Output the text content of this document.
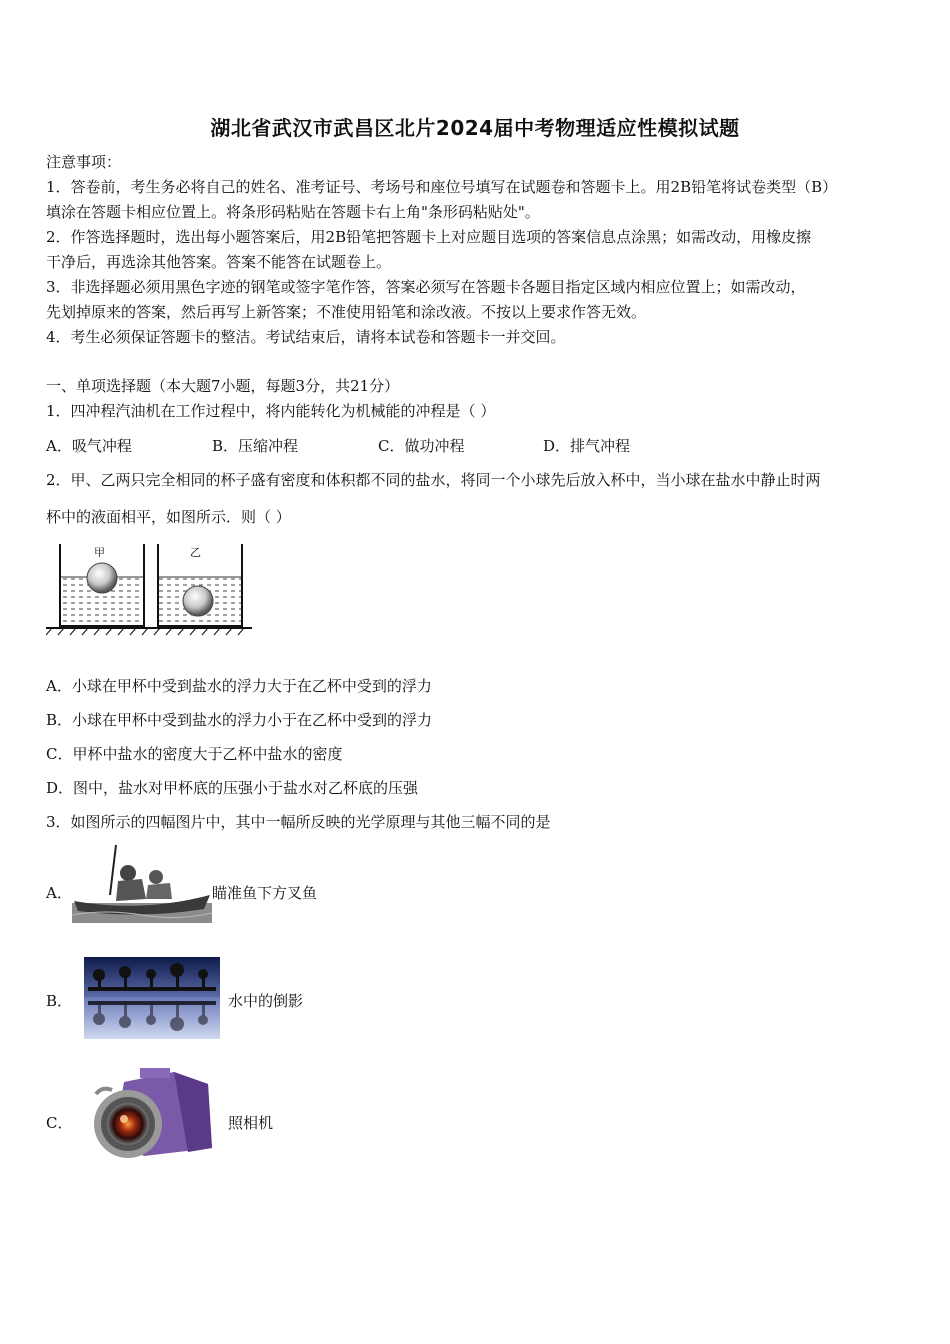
湖北省武汉市武昌区北片2024届中考物理适应性模拟试题
注意事项：
1．答卷前，考生务必将自己的姓名、准考证号、考场号和座位号填写在试题卷和答题卡上。用2B铅笔将试卷类型（B）
填涂在答题卡相应位置上。将条形码粘贴在答题卡右上角"条形码粘贴处"。
2．作答选择题时，选出每小题答案后，用2B铅笔把答题卡上对应题目选项的答案信息点涂黑；如需改动，用橡皮擦
干净后，再选涂其他答案。答案不能答在试题卷上。
3．非选择题必须用黑色字迹的钢笔或签字笔作答，答案必须写在答题卡各题目指定区域内相应位置上；如需改动，
先划掉原来的答案，然后再写上新答案；不准使用铅笔和涂改液。不按以上要求作答无效。
4．考生必须保证答题卡的整洁。考试结束后，请将本试卷和答题卡一并交回。
一、单项选择题（本大题7小题，每题3分，共21分）
1．四冲程汽油机在工作过程中，将内能转化为机械能的冲程是（ ）
A．吸气冲程	B．压缩冲程	C．做功冲程	D．排气冲程
2．甲、乙两只完全相同的杯子盛有密度和体积都不同的盐水，将同一个小球先后放入杯中，当小球在盐水中静止时两
杯中的液面相平，如图所示．则（ ）
甲	乙
A．小球在甲杯中受到盐水的浮力大于在乙杯中受到的浮力
B．小球在甲杯中受到盐水的浮力小于在乙杯中受到的浮力
C．甲杯中盐水的密度大于乙杯中盐水的密度
D．图中，盐水对甲杯底的压强小于盐水对乙杯底的压强
3．如图所示的四幅图片中，其中一幅所反映的光学原理与其他三幅不同的是
A．	瞄准鱼下方叉鱼
B．	水中的倒影
C．	照相机
